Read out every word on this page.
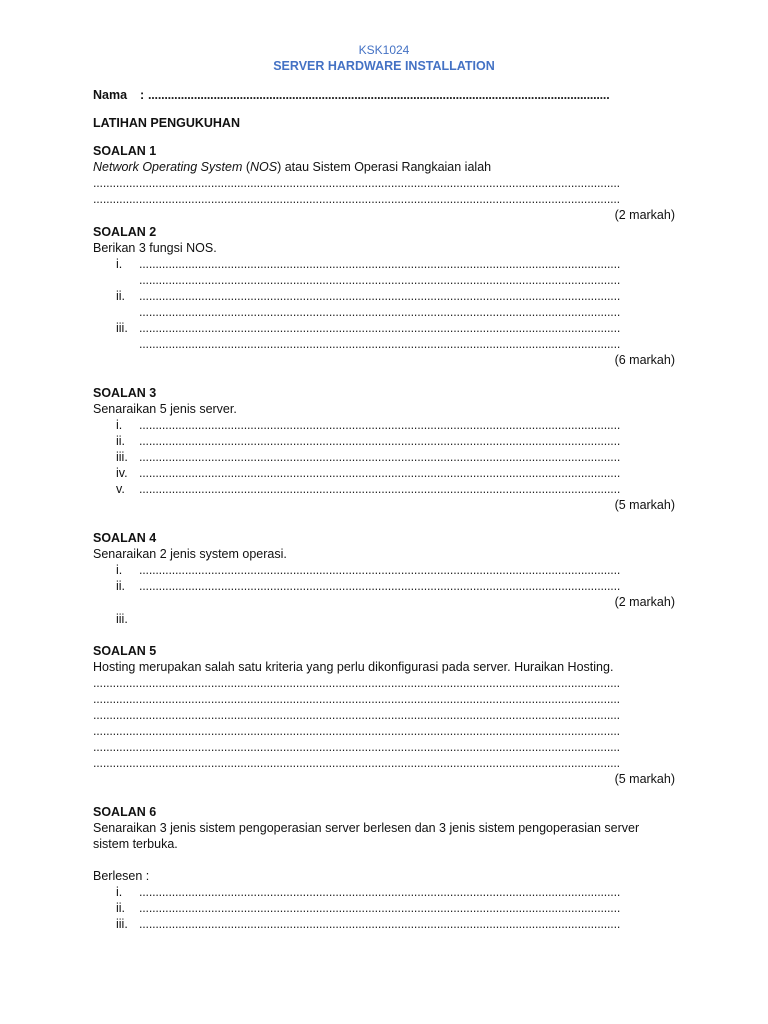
KSK1024
SERVER HARDWARE INSTALLATION
Nama	: .............................................................................................................................................
LATIHAN PENGUKUHAN
SOALAN 1
Network Operating System (NOS) atau Sistem Operasi Rangkaian ialah
.................................................................................................................................................................
.................................................................................................................................................................
(2 markah)
SOALAN 2
Berikan 3 fungsi NOS.
i.	...................................................................................................................................................
...................................................................................................................................................
ii.	...................................................................................................................................................
...................................................................................................................................................
iii. ...................................................................................................................................................
...................................................................................................................................................
(6 markah)
SOALAN 3
Senaraikan 5 jenis server.
i.	...................................................................................................................................................
ii.	...................................................................................................................................................
iii. ...................................................................................................................................................
iv. ...................................................................................................................................................
v.	...................................................................................................................................................
(5 markah)
SOALAN 4
Senaraikan 2 jenis system operasi.
i.	...................................................................................................................................................
ii.	...................................................................................................................................................
(2 markah)
iii.
SOALAN 5
Hosting merupakan salah satu kriteria yang perlu dikonfigurasi pada server. Huraikan Hosting.
.................................................................................................................................................................
.................................................................................................................................................................
.................................................................................................................................................................
.................................................................................................................................................................
.................................................................................................................................................................
.................................................................................................................................................................
(5 markah)
SOALAN 6
Senaraikan 3 jenis sistem pengoperasian server berlesen dan 3 jenis sistem pengoperasian server
sistem terbuka.
Berlesen :
i.	...................................................................................................................................................
ii.	...................................................................................................................................................
iii. ...................................................................................................................................................
